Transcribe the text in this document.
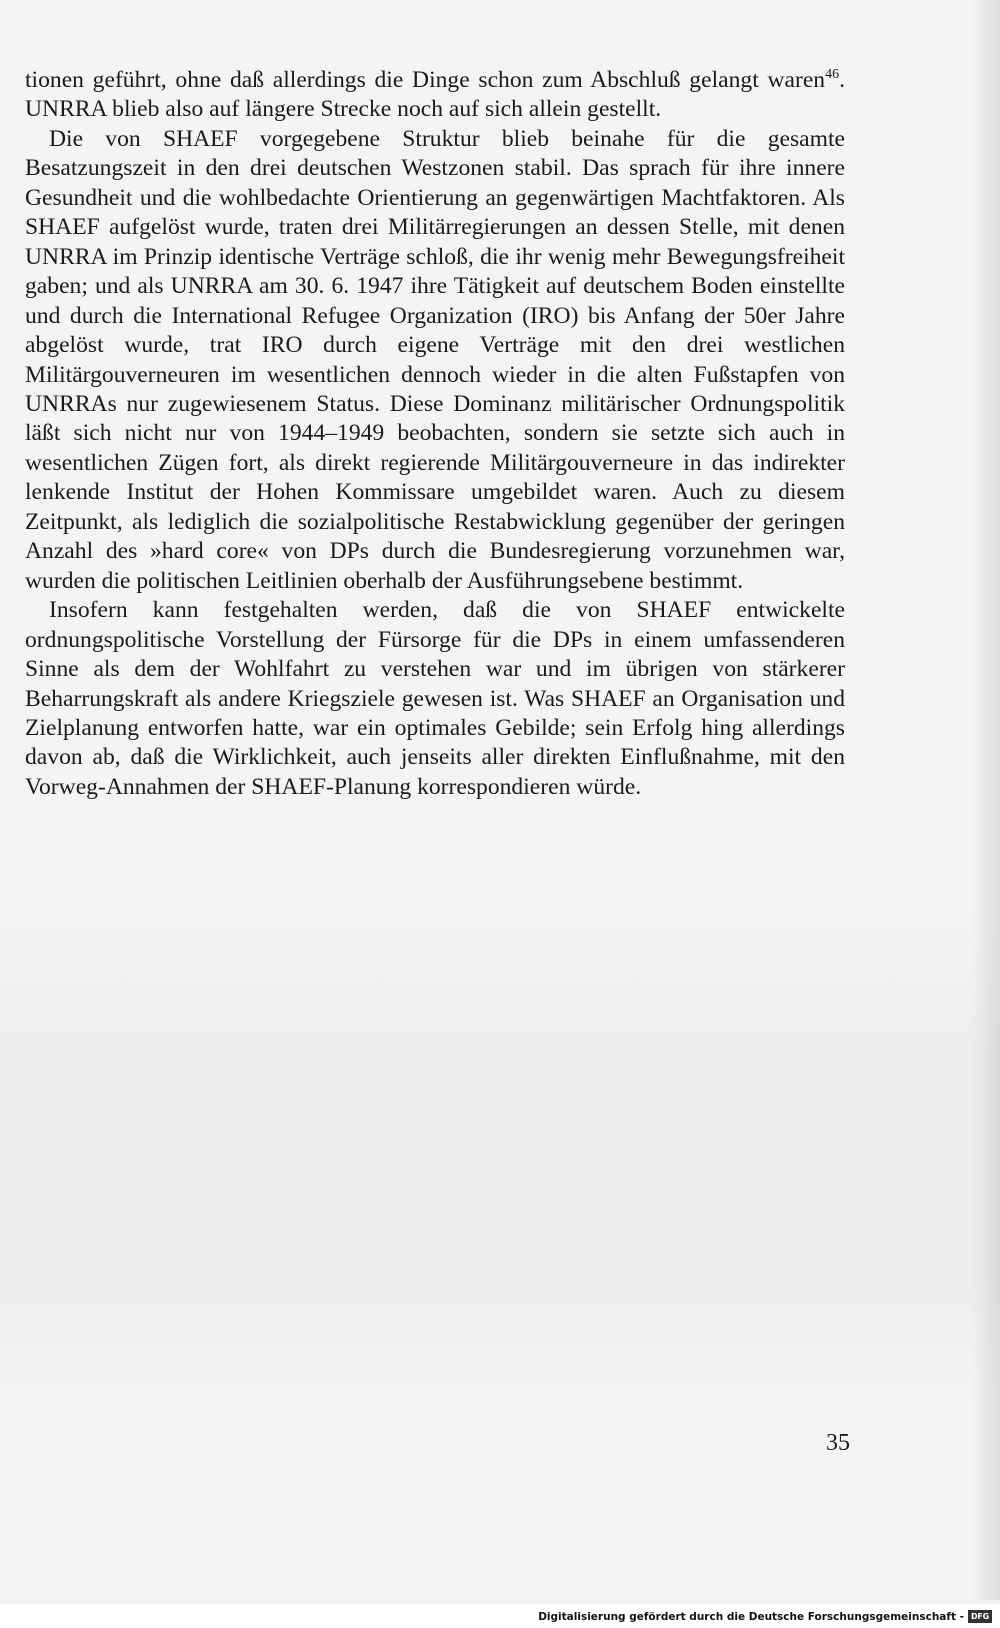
tionen geführt, ohne daß allerdings die Dinge schon zum Abschluß gelangt waren$^{46}$. UNRRA blieb also auf längere Strecke noch auf sich allein gestellt.

Die von SHAEF vorgegebene Struktur blieb beinahe für die gesamte Besatzungszeit in den drei deutschen Westzonen stabil. Das sprach für ihre innere Gesundheit und die wohlbedachte Orientierung an gegenwärtigen Machtfaktoren. Als SHAEF aufgelöst wurde, traten drei Militärregierungen an dessen Stelle, mit denen UNRRA im Prinzip identische Verträge schloß, die ihr wenig mehr Bewegungsfreiheit gaben; und als UNRRA am 30. 6. 1947 ihre Tätigkeit auf deutschem Boden einstellte und durch die International Refugee Organization (IRO) bis Anfang der 50er Jahre abgelöst wurde, trat IRO durch eigene Verträge mit den drei westlichen Militärgouverneuren im wesentlichen dennoch wieder in die alten Fußstapfen von UNRRAs nur zugewiesenem Status. Diese Dominanz militärischer Ordnungspolitik läßt sich nicht nur von 1944–1949 beobachten, sondern sie setzte sich auch in wesentlichen Zügen fort, als direkt regierende Militärgouverneure in das indirekter lenkende Institut der Hohen Kommissare umgebildet waren. Auch zu diesem Zeitpunkt, als lediglich die sozialpolitische Restabwicklung gegenüber der geringen Anzahl des »hard core« von DPs durch die Bundesregierung vorzunehmen war, wurden die politischen Leitlinien oberhalb der Ausführungsebene bestimmt.

Insofern kann festgehalten werden, daß die von SHAEF entwickelte ordnungspolitische Vorstellung der Fürsorge für die DPs in einem umfassenderen Sinne als dem der Wohlfahrt zu verstehen war und im übrigen von stärkerer Beharrungskraft als andere Kriegsziele gewesen ist. Was SHAEF an Organisation und Zielplanung entworfen hatte, war ein optimales Gebilde; sein Erfolg hing allerdings davon ab, daß die Wirklichkeit, auch jenseits aller direkten Einflußnahme, mit den Vorweg-Annahmen der SHAEF-Planung korrespondieren würde.

35
Digitalisierung gefördert durch die Deutsche Forschungsgemeinschaft - DFG
